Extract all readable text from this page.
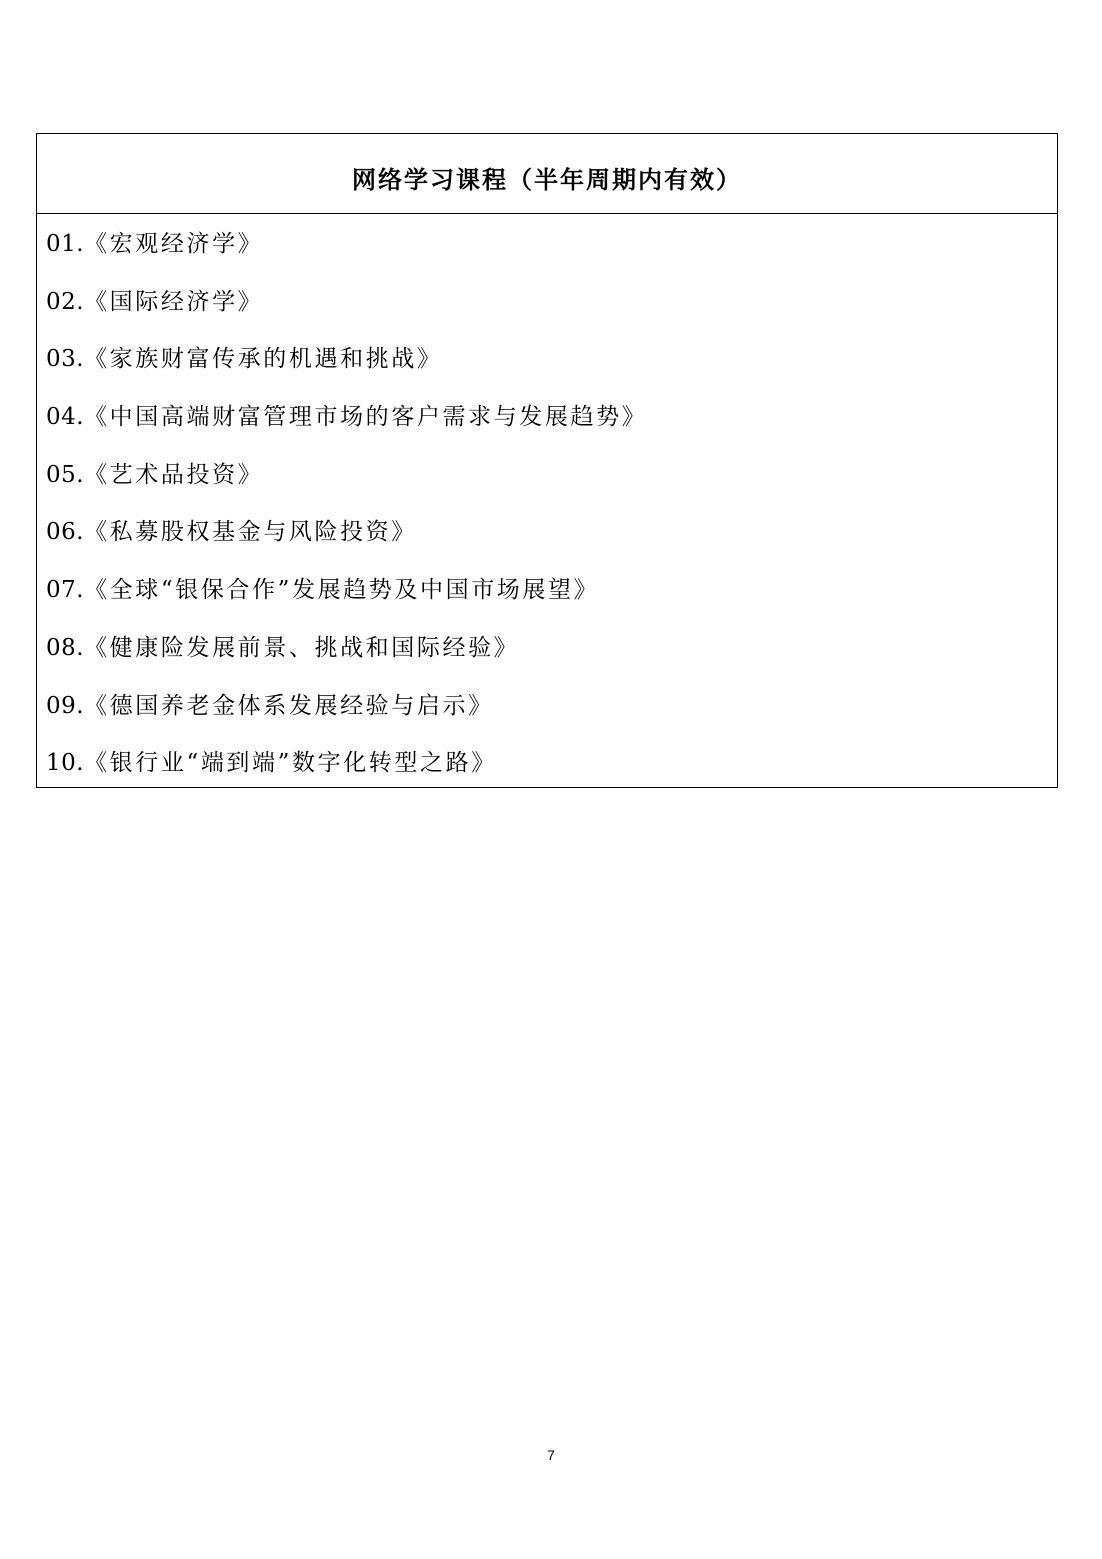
网络学习课程（半年周期内有效）
01.《宏观经济学》
02.《国际经济学》
03.《家族财富传承的机遇和挑战》
04.《中国高端财富管理市场的客户需求与发展趋势》
05.《艺术品投资》
06.《私募股权基金与风险投资》
07.《全球“银保合作”发展趋势及中国市场展望》
08.《健康险发展前景、挑战和国际经验》
09.《德国养老金体系发展经验与启示》
10.《银行业“端到端”数字化转型之路》
7
